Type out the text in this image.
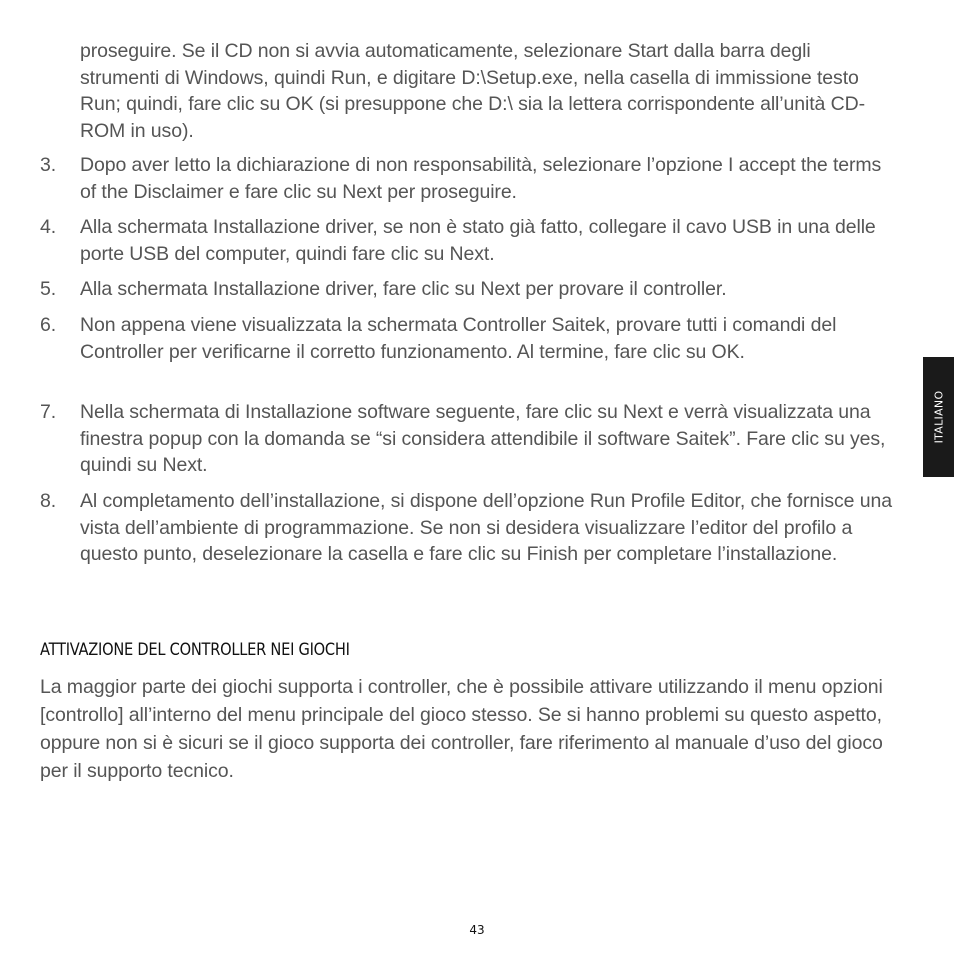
proseguire. Se il CD non si avvia automaticamente, selezionare Start dalla barra degli strumenti di Windows, quindi Run, e digitare D:\Setup.exe, nella casella di immissione testo Run; quindi, fare clic su OK (si presuppone che D:\ sia la lettera corrispondente all’unità CD-ROM in uso).
3.	Dopo aver letto la dichiarazione di non responsabilità, selezionare l’opzione I accept the terms of the Disclaimer e fare clic su Next per proseguire.
4.	Alla schermata Installazione driver, se non è stato già fatto, collegare il cavo USB in una delle porte USB del computer, quindi fare clic su Next.
5.	Alla schermata Installazione driver, fare clic su Next per provare il controller.
6.	Non appena viene visualizzata la schermata Controller Saitek, provare tutti i comandi del Controller per verificarne il corretto funzionamento. Al termine, fare clic su OK.
7.	Nella schermata di Installazione software seguente, fare clic su Next e verrà visualizzata una finestra popup con la domanda se “si considera attendibile il software Saitek”. Fare clic su yes, quindi su Next.
8.	Al completamento dell’installazione, si dispone dell’opzione Run Profile Editor, che fornisce una vista dell’ambiente di programmazione. Se non si desidera visualizzare l’editor del profilo a questo punto, deselezionare la casella e fare clic su Finish per completare l’installazione.
ATTIVAZIONE DEL CONTROLLER NEI GIOCHI
La maggior parte dei giochi supporta i controller, che è possibile attivare utilizzando il menu opzioni [controllo] all’interno del menu principale del gioco stesso. Se si hanno problemi su questo aspetto, oppure non si è sicuri se il gioco supporta dei controller, fare riferimento al manuale d’uso del gioco per il supporto tecnico.
ITALIANO
43
